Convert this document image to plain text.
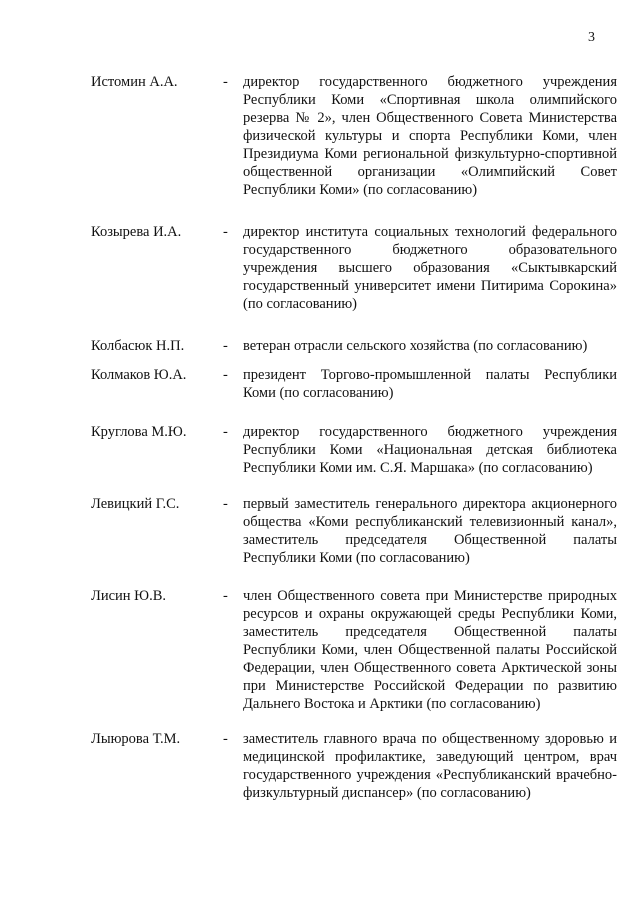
3
Истомин А.А.	-	директор государственного бюджетного учреждения Республики Коми «Спортивная школа олимпийского резерва № 2», член Общественного Совета Министерства физической культуры и спорта Республики Коми, член Президиума Коми региональной физкультурно-спортивной общественной организации «Олимпийский Совет Республики Коми» (по согласованию)
Козырева И.А.	-	директор института социальных технологий федерального государственного бюджетного образовательного учреждения высшего образования «Сыктывкарский государственный университет имени Питирима Сорокина» (по согласованию)
Колбасюк Н.П.	-	ветеран отрасли сельского хозяйства (по согласованию)
Колмаков Ю.А.	-	президент Торгово-промышленной палаты Республики Коми (по согласованию)
Круглова М.Ю.	-	директор государственного бюджетного учреждения Республики Коми «Национальная детская библиотека Республики Коми им. С.Я. Маршака» (по согласованию)
Левицкий Г.С.	-	первый заместитель генерального директора акционерного общества «Коми республиканский телевизионный канал», заместитель председателя Общественной палаты Республики Коми (по согласованию)
Лисин Ю.В.	-	член Общественного совета при Министерстве природных ресурсов и охраны окружающей среды Республики Коми, заместитель председателя Общественной палаты Республики Коми, член Общественной палаты Российской Федерации, член Общественного совета Арктической зоны при Министерстве Российской Федерации по развитию Дальнего Востока и Арктики (по согласованию)
Лыюрова Т.М.	-	заместитель главного врача по общественному здоровью и медицинской профилактике, заведующий центром, врач государственного учреждения «Республиканский врачебно-физкультурный диспансер» (по согласованию)
